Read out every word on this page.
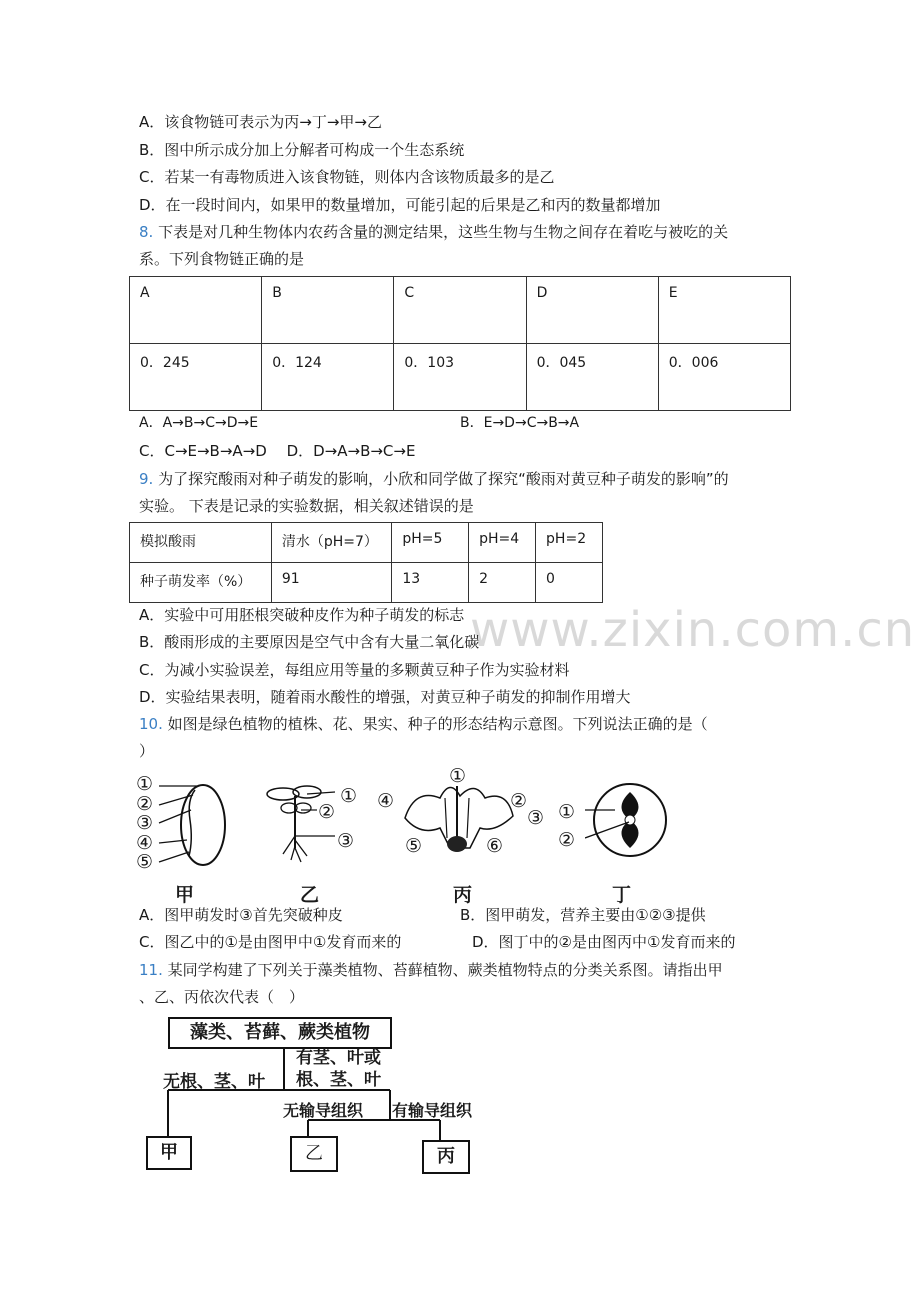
A．该食物链可表示为丙→丁→甲→乙
B．图中所示成分加上分解者可构成一个生态系统
C．若某一有毒物质进入该食物链，则体内含该物质最多的是乙
D．在一段时间内，如果甲的数量增加，可能引起的后果是乙和丙的数量都增加
8. 下表是对几种生物体内农药含量的测定结果，这些生物与生物之间存在着吃与被吃的关
系。下列食物链正确的是
A	B	C	D	E
0．245	0．124	0．103	0．045	0．006
A．A→B→C→D→E	B．E→D→C→B→A
C．C→E→B→A→D　 D．D→A→B→C→E
9. 为了探究酸雨对种子萌发的影响，小欣和同学做了探究“酸雨对黄豆种子萌发的影响”的
实验。 下表是记录的实验数据，相关叙述错误的是
模拟酸雨	清水（pH=7）	pH=5	pH=4	pH=2
种子萌发率（%）	91	13	2	0
www.zixin.com.cn
A．实验中可用胚根突破种皮作为种子萌发的标志
B．酸雨形成的主要原因是空气中含有大量二氧化碳
C．为减小实验误差，每组应用等量的多颗黄豆种子作为实验材料
D．实验结果表明，随着雨水酸性的增强，对黄豆种子萌发的抑制作用增大
10. 如图是绿色植物的植株、花、果实、种子的形态结构示意图。下列说法正确的是（
）
①
②
③
④
⑤
①
②
③
①
②
③
④
⑤	⑥
①
②
甲	乙	丙	丁
A．图甲萌发时③首先突破种皮	B．图甲萌发，营养主要由①②③提供
C．图乙中的①是由图甲中①发育而来的	D．图丁中的②是由图丙中①发育而来的
11. 某同学构建了下列关于藻类植物、苔藓植物、蕨类植物特点的分类关系图。请指出甲
、乙、丙依次代表（　）
藻类、苔藓、蕨类植物
无根、茎、叶
有茎、叶或
根、茎、叶
无输导组织 有输导组织
甲	乙	丙
